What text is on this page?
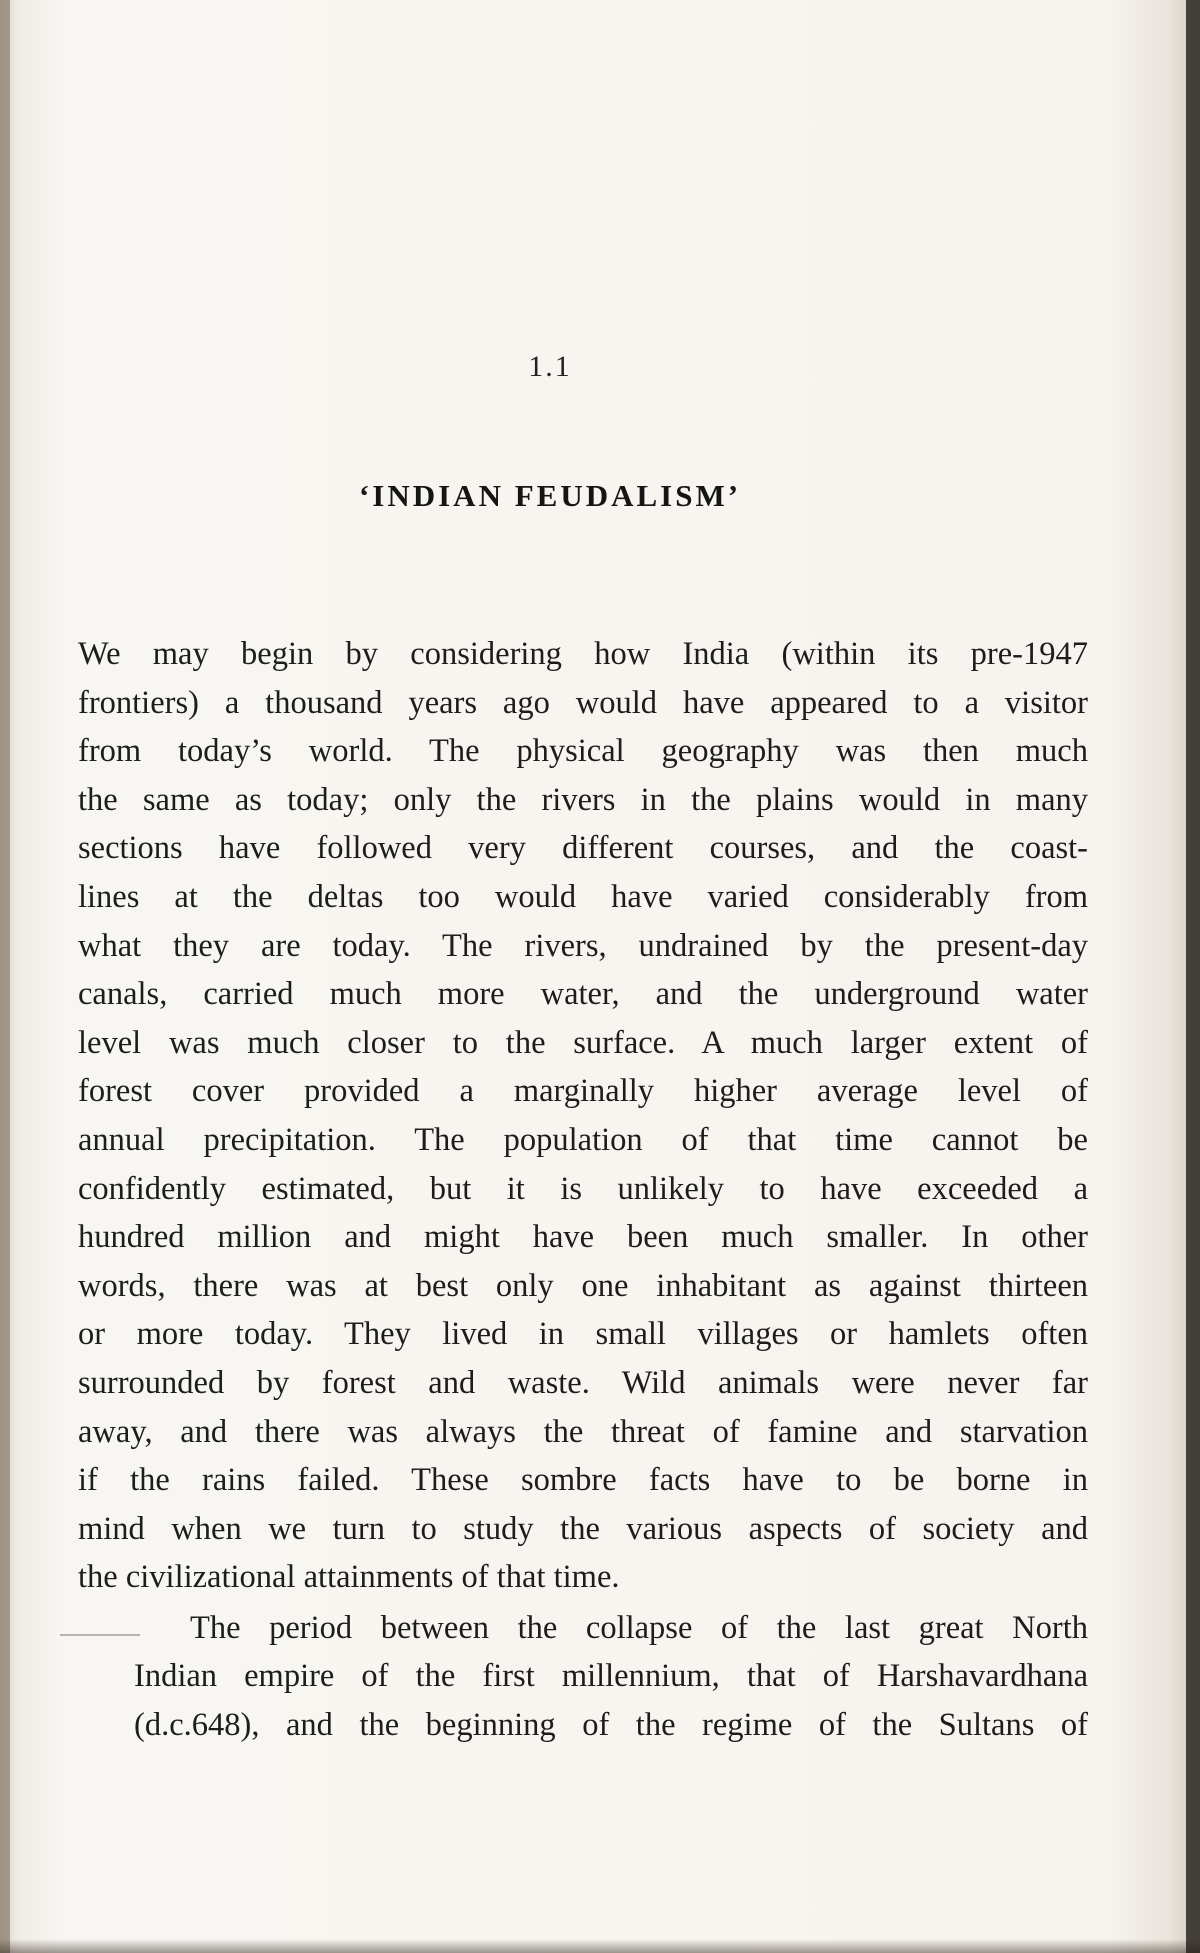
1.1
‘INDIAN FEUDALISM’
We may begin by considering how India (within its pre-1947
frontiers) a thousand years ago would have appeared to a visitor
from today’s world. The physical geography was then much
the same as today; only the rivers in the plains would in many
sections have followed very different courses, and the coast-
lines at the deltas too would have varied considerably from
what they are today. The rivers, undrained by the present-day
canals, carried much more water, and the underground water
level was much closer to the surface. A much larger extent of
forest cover provided a marginally higher average level of
annual precipitation. The population of that time cannot be
confidently estimated, but it is unlikely to have exceeded a
hundred million and might have been much smaller. In other
words, there was at best only one inhabitant as against thirteen
or more today. They lived in small villages or hamlets often
surrounded by forest and waste. Wild animals were never far
away, and there was always the threat of famine and starvation
if the rains failed. These sombre facts have to be borne in
mind when we turn to study the various aspects of society and
the civilizational attainments of that time.
The period between the collapse of the last great North
Indian empire of the first millennium, that of Harshavardhana
(d.c.648), and the beginning of the regime of the Sultans of
